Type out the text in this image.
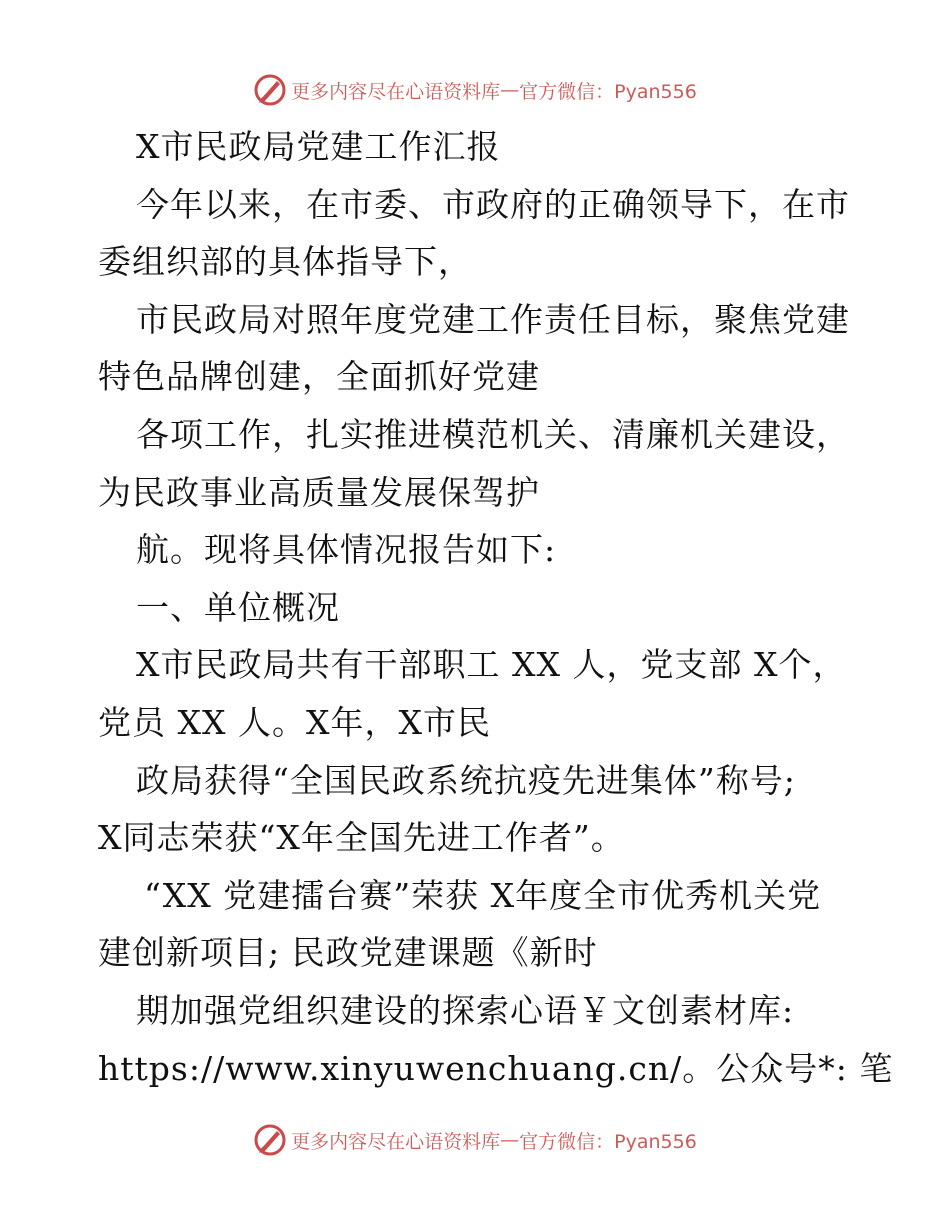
更多内容尽在心语资料库 — 官方微信：Pyan556
X市民政局党建工作汇报
今年以来，在市委、市政府的正确领导下，在市
委组织部的具体指导下，
市民政局对照年度党建工作责任目标，聚焦党建
特色品牌创建，全面抓好党建
各项工作，扎实推进模范机关、清廉机关建设，
为民政事业高质量发展保驾护
航。现将具体情况报告如下:
一、单位概况
X市民政局共有干部职工 XX 人，党支部 X个，
党员 XX 人。X年，X市民
政局获得“全国民政系统抗疫先进集体”称号;
X同志荣获“X年全国先进工作者”。
“XX 党建擂台赛”荣获 X年度全市优秀机关党
建创新项目; 民政党建课题《新时
期加强党组织建设的探索心语￥文创素材库:
https://www.xinyuwenchuang.cn/。公众号*: 笔
更多内容尽在心语资料库 — 官方微信：Pyan556
